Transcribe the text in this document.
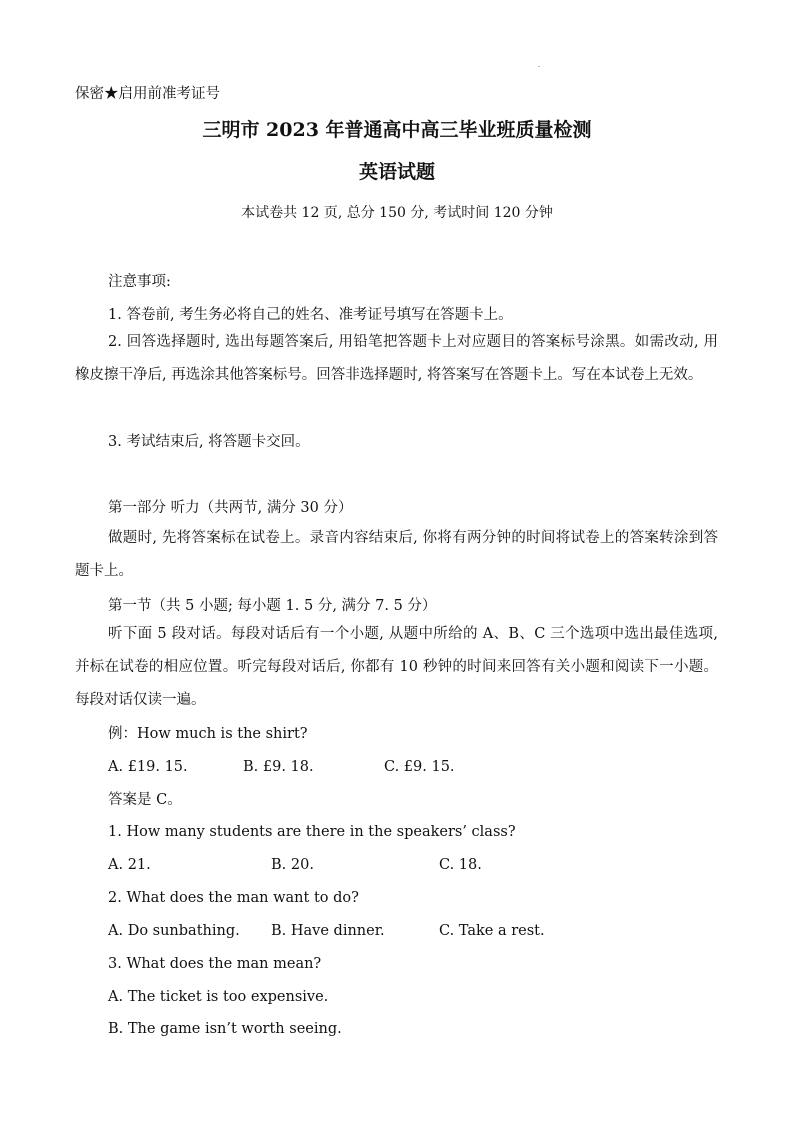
保密★启用前准考证号
三明市 2023 年普通高中高三毕业班质量检测
英语试题
本试卷共 12 页, 总分 150 分, 考试时间 120 分钟
注意事项:
1. 答卷前, 考生务必将自己的姓名、准考证号填写在答题卡上。
2. 回答选择题时, 选出每题答案后, 用铅笔把答题卡上对应题目的答案标号涂黑。如需改动, 用橡皮擦干净后, 再选涂其他答案标号。回答非选择题时, 将答案写在答题卡上。写在本试卷上无效。
3. 考试结束后, 将答题卡交回。
第一部分 听力（共两节, 满分 30 分）
做题时, 先将答案标在试卷上。录音内容结束后, 你将有两分钟的时间将试卷上的答案转涂到答题卡上。
第一节（共 5 小题; 每小题 1. 5 分, 满分 7. 5 分）
听下面 5 段对话。每段对话后有一个小题, 从题中所给的 A、B、C 三个选项中选出最佳选项, 并标在试卷的相应位置。听完每段对话后, 你都有 10 秒钟的时间来回答有关小题和阅读下一小题。每段对话仅读一遍。
例：How much is the shirt?
A. £19. 15.	B. £9. 18.	C. £9. 15.
答案是 C。
1. How many students are there in the speakers’ class?
A. 21.	B. 20.	C. 18.
2. What does the man want to do?
A. Do sunbathing. B. Have dinner.	C. Take a rest.
3. What does the man mean?
A. The ticket is too expensive.
B. The game isn’t worth seeing.
